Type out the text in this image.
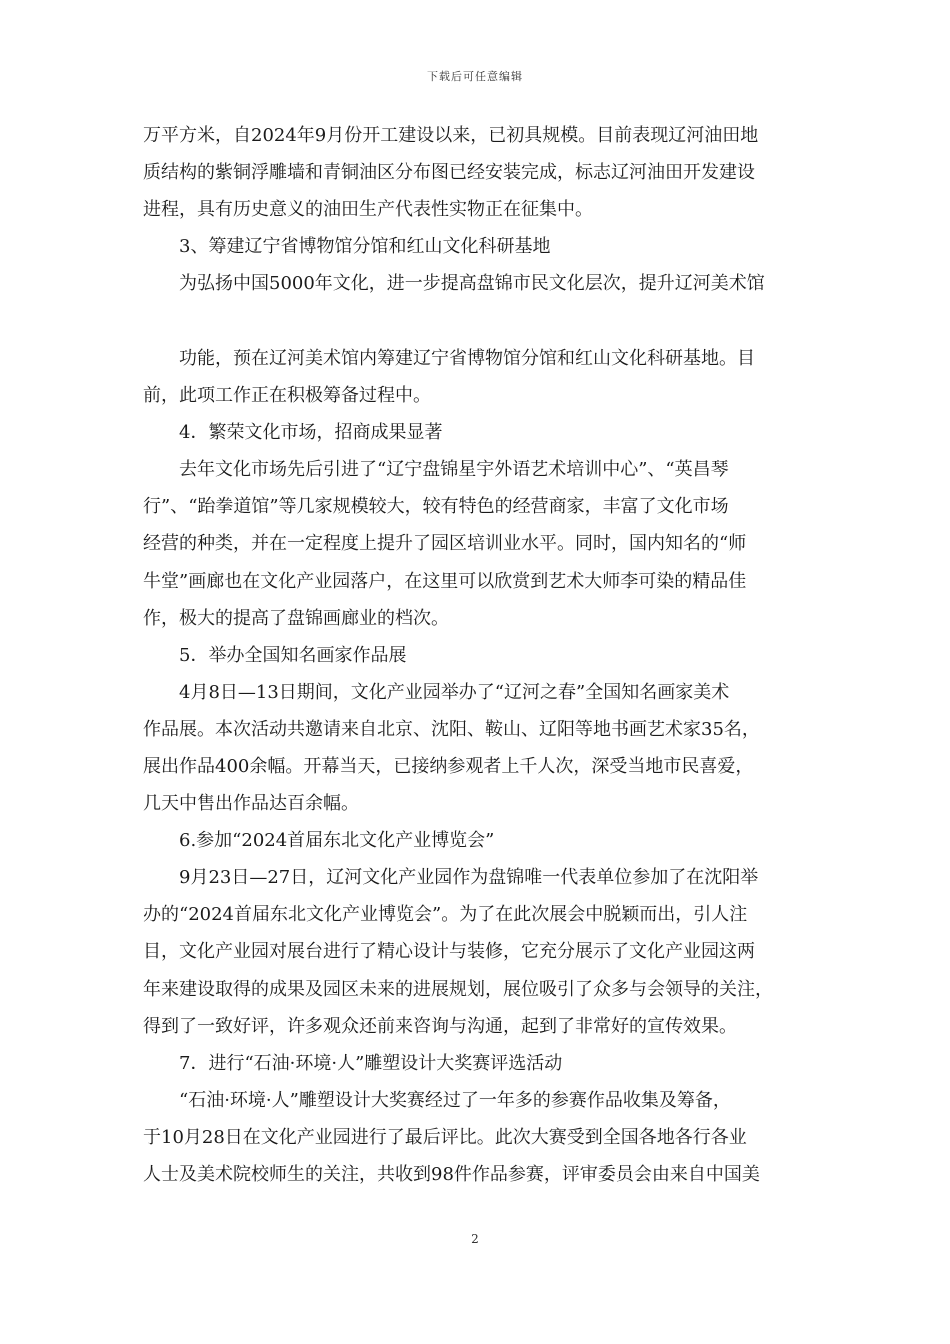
下载后可任意编辑
万平方米，自2024年9月份开工建设以来，已初具规模。目前表现辽河油田地
质结构的紫铜浮雕墙和青铜油区分布图已经安装完成，标志辽河油田开发建设
进程，具有历史意义的油田生产代表性实物正在征集中。
3、筹建辽宁省博物馆分馆和红山文化科研基地
为弘扬中国5000年文化，进一步提高盘锦市民文化层次，提升辽河美术馆
功能，预在辽河美术馆内筹建辽宁省博物馆分馆和红山文化科研基地。目
前，此项工作正在积极筹备过程中。
4．繁荣文化市场，招商成果显著
去年文化市场先后引进了“辽宁盘锦星宇外语艺术培训中心”、“英昌琴
行”、“跆拳道馆”等几家规模较大，较有特色的经营商家，丰富了文化市场
经营的种类，并在一定程度上提升了园区培训业水平。同时，国内知名的“师
牛堂”画廊也在文化产业园落户，在这里可以欣赏到艺术大师李可染的精品佳
作，极大的提高了盘锦画廊业的档次。
5．举办全国知名画家作品展
4月8日—13日期间，文化产业园举办了“辽河之春”全国知名画家美术
作品展。本次活动共邀请来自北京、沈阳、鞍山、辽阳等地书画艺术家35名，
展出作品400余幅。开幕当天，已接纳参观者上千人次，深受当地市民喜爱，
几天中售出作品达百余幅。
6.参加“2024首届东北文化产业博览会”
9月23日—27日，辽河文化产业园作为盘锦唯一代表单位参加了在沈阳举
办的“2024首届东北文化产业博览会”。为了在此次展会中脱颖而出，引人注
目，文化产业园对展台进行了精心设计与装修，它充分展示了文化产业园这两
年来建设取得的成果及园区未来的进展规划，展位吸引了众多与会领导的关注，
得到了一致好评，许多观众还前来咨询与沟通，起到了非常好的宣传效果。
7．进行“石油·环境·人”雕塑设计大奖赛评选活动
“石油·环境·人”雕塑设计大奖赛经过了一年多的参赛作品收集及筹备，
于10月28日在文化产业园进行了最后评比。此次大赛受到全国各地各行各业
人士及美术院校师生的关注，共收到98件作品参赛，评审委员会由来自中国美
2
